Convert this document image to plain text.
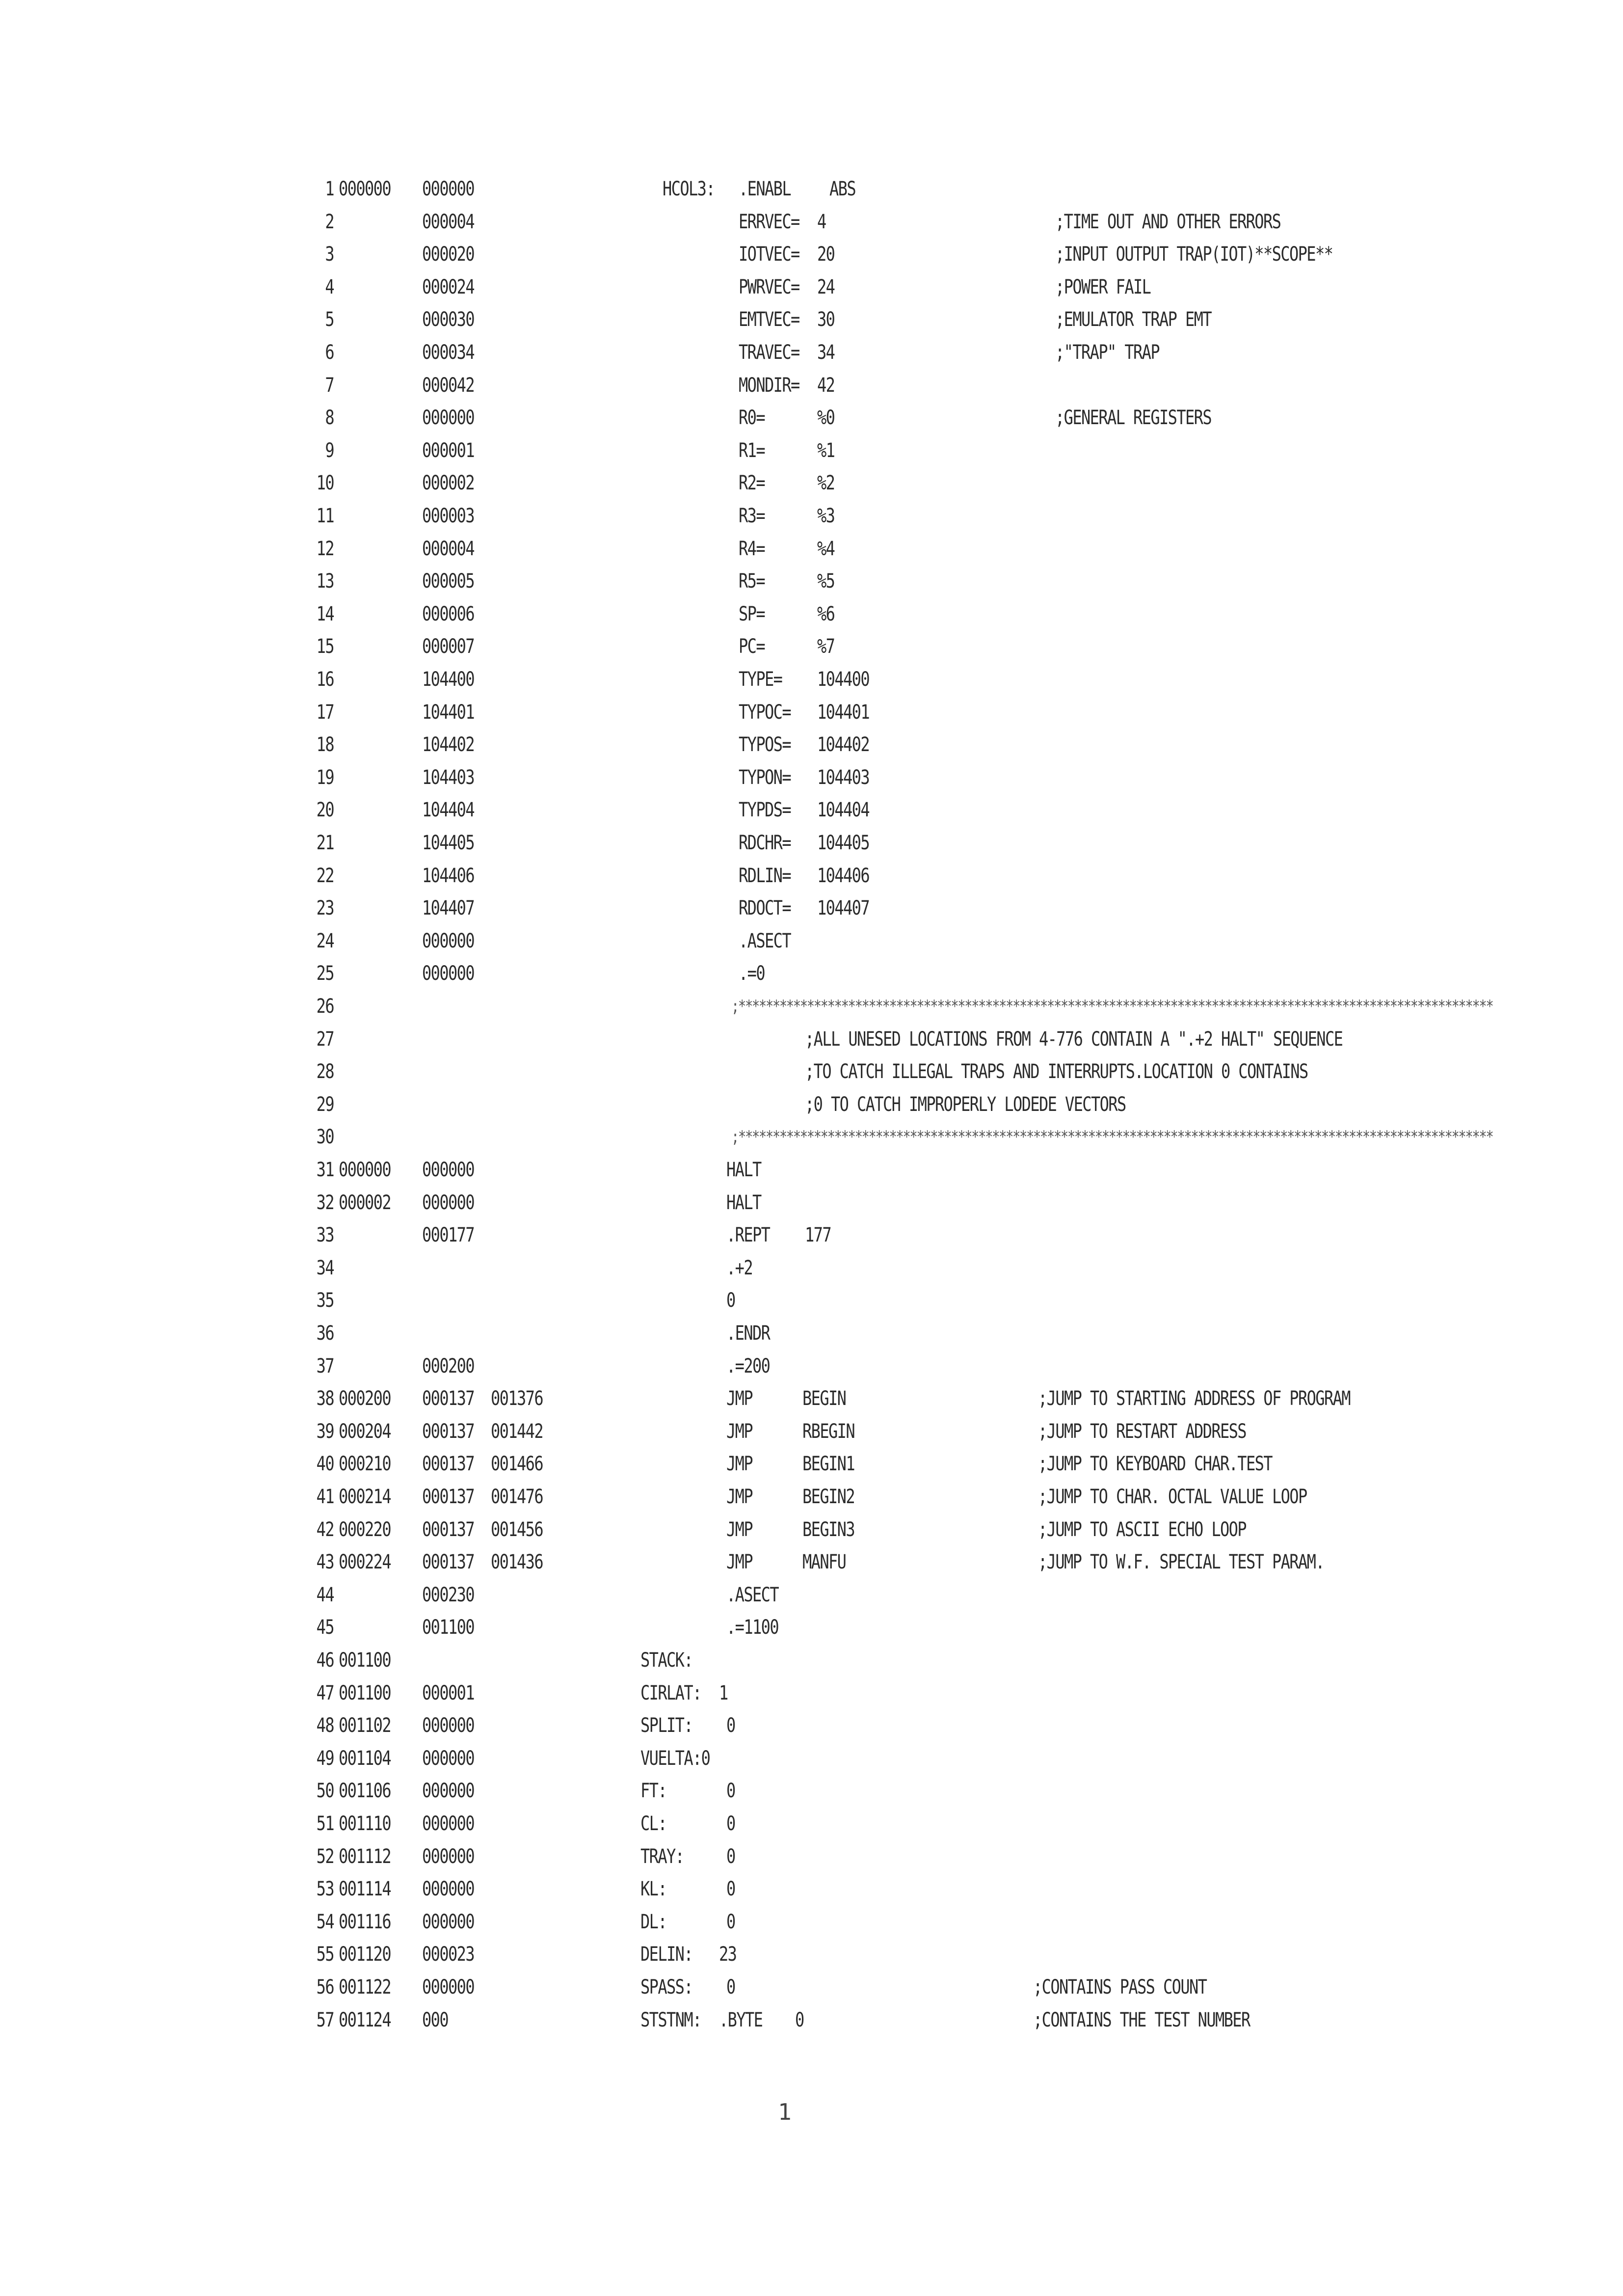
1 000000 000000	HCOL3: .ENABL ABS
2	000004	ERRVEC= 4	;TIME OUT AND OTHER ERRORS
3	000020	IOTVEC= 20	;INPUT OUTPUT TRAP(IOT)**SCOPE**
4	000024	PWRVEC= 24	;POWER FAIL
5	000030	EMTVEC= 30	;EMULATOR TRAP EMT
6	000034	TRAVEC= 34	;"TRAP" TRAP
7	000042	MONDIR= 42
8	000000	R0=	%0	;GENERAL REGISTERS
9	000001	R1=	%1
10	000002	R2=	%2
11	000003	R3=	%3
12	000004	R4=	%4
13	000005	R5=	%5
14	000006	SP=	%6
15	000007	PC=	%7
16	104400	TYPE= 104400
17	104401	TYPOC= 104401
18	104402	TYPOS= 104402
19	104403	TYPON= 104403
20	104404	TYPDS= 104404
21	104405	RDCHR= 104405
22	104406	RDLIN= 104406
23	104407	RDOCT= 104407
24	000000	.ASECT
25	000000	.=0
26	;**************************************************************************************************************
27	;ALL UNESED LOCATIONS FROM 4-776 CONTAIN A ".+2 HALT" SEQUENCE
28	;TO CATCH ILLEGAL TRAPS AND INTERRUPTS.LOCATION 0 CONTAINS
29	;0 TO CATCH IMPROPERLY LODEDE VECTORS
30	;**************************************************************************************************************
31 000000 000000	HALT
32 000002 000000	HALT
33	000177	.REPT 177
34	.+2
35	0
36	.ENDR
37	000200	.=200
38 000200 000137 001376	JMP	BEGIN	;JUMP TO STARTING ADDRESS OF PROGRAM
39 000204 000137 001442	JMP	RBEGIN	;JUMP TO RESTART ADDRESS
40 000210 000137 001466	JMP	BEGIN1	;JUMP TO KEYBOARD CHAR.TEST
41 000214 000137 001476	JMP	BEGIN2	;JUMP TO CHAR. OCTAL VALUE LOOP
42 000220 000137 001456	JMP	BEGIN3	;JUMP TO ASCII ECHO LOOP
43 000224 000137 001436	JMP	MANFU	;JUMP TO W.F. SPECIAL TEST PARAM.
44	000230	.ASECT
45	001100	.=1100
46 001100	STACK:
47 001100 000001	CIRLAT: 1
48 001102 000000	SPLIT: 0
49 001104 000000	VUELTA:0
50 001106 000000	FT:	0
51 001110 000000	CL:	0
52 001112 000000	TRAY: 0
53 001114 000000	KL:	0
54 001116 000000	DL:	0
55 001120 000023	DELIN: 23
56 001122 000000	SPASS: 0	;CONTAINS PASS COUNT
57 001124 000	STSTNM: .BYTE 0	;CONTAINS THE TEST NUMBER
1
